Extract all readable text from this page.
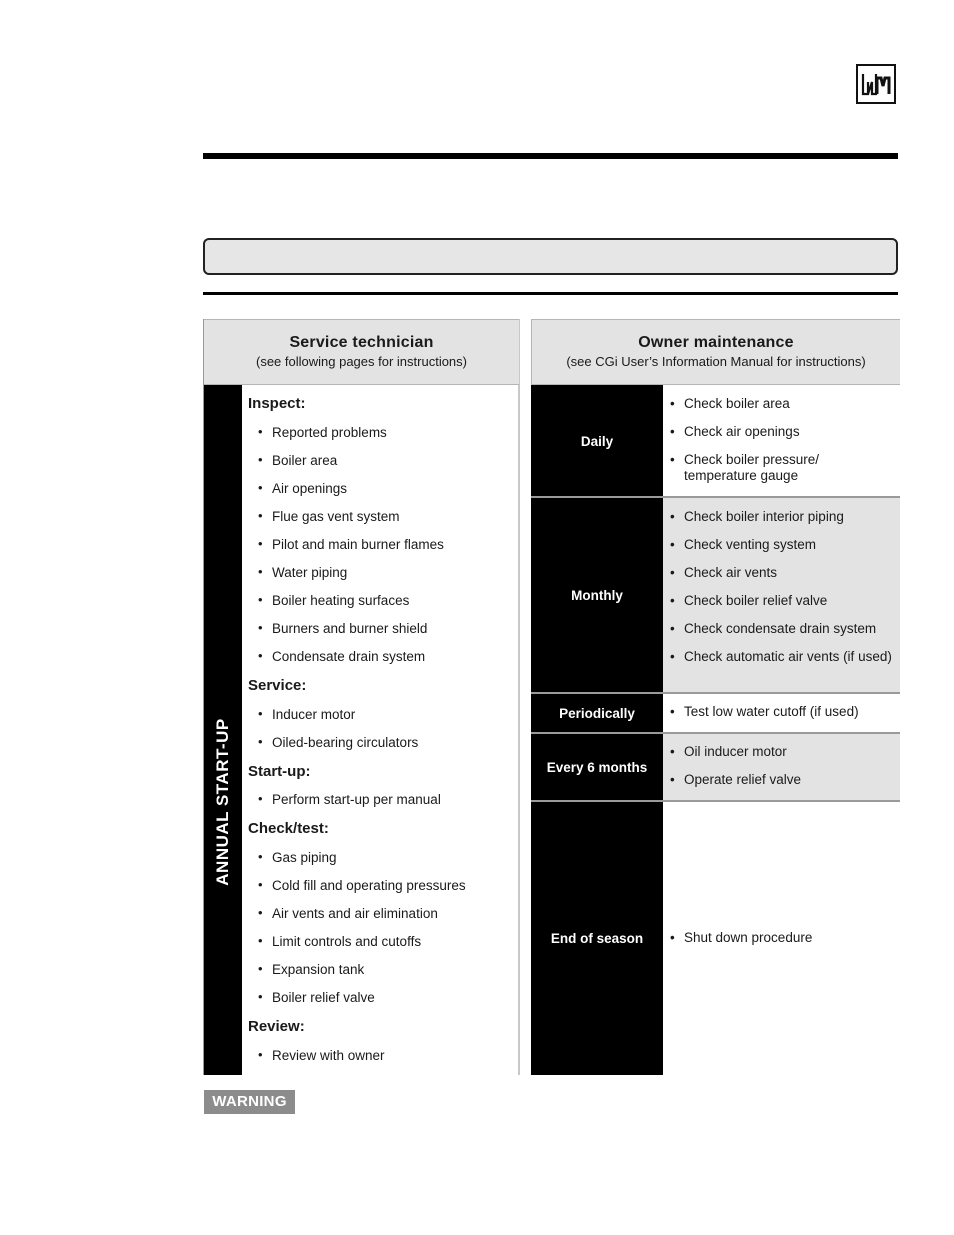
Service technician
(see following pages for instructions)
ANNUAL START-UP
Inspect:
• Reported problems
• Boiler area
• Air openings
• Flue gas vent system
• Pilot and main burner flames
• Water piping
• Boiler heating surfaces
• Burners and burner shield
• Condensate drain system
Service:
• Inducer motor
• Oiled-bearing circulators
Start-up:
• Perform start-up per manual
Check/test:
• Gas piping
• Cold fill and operating pressures
• Air vents and air elimination
• Limit controls and cutoffs
• Expansion tank
• Boiler relief valve
Review:
• Review with owner
Owner maintenance
(see CGi User’s Information Manual for instructions)
Daily
• Check boiler area
• Check air openings
• Check boiler pressure/ temperature gauge
Monthly
• Check boiler interior piping
• Check venting system
• Check air vents
• Check boiler relief valve
• Check condensate drain system
• Check automatic air vents (if used)
Periodically	• Test low water cutoff (if used)
Every 6 months
• Oil inducer motor
• Operate relief valve
End of season	• Shut down procedure
WARNING
